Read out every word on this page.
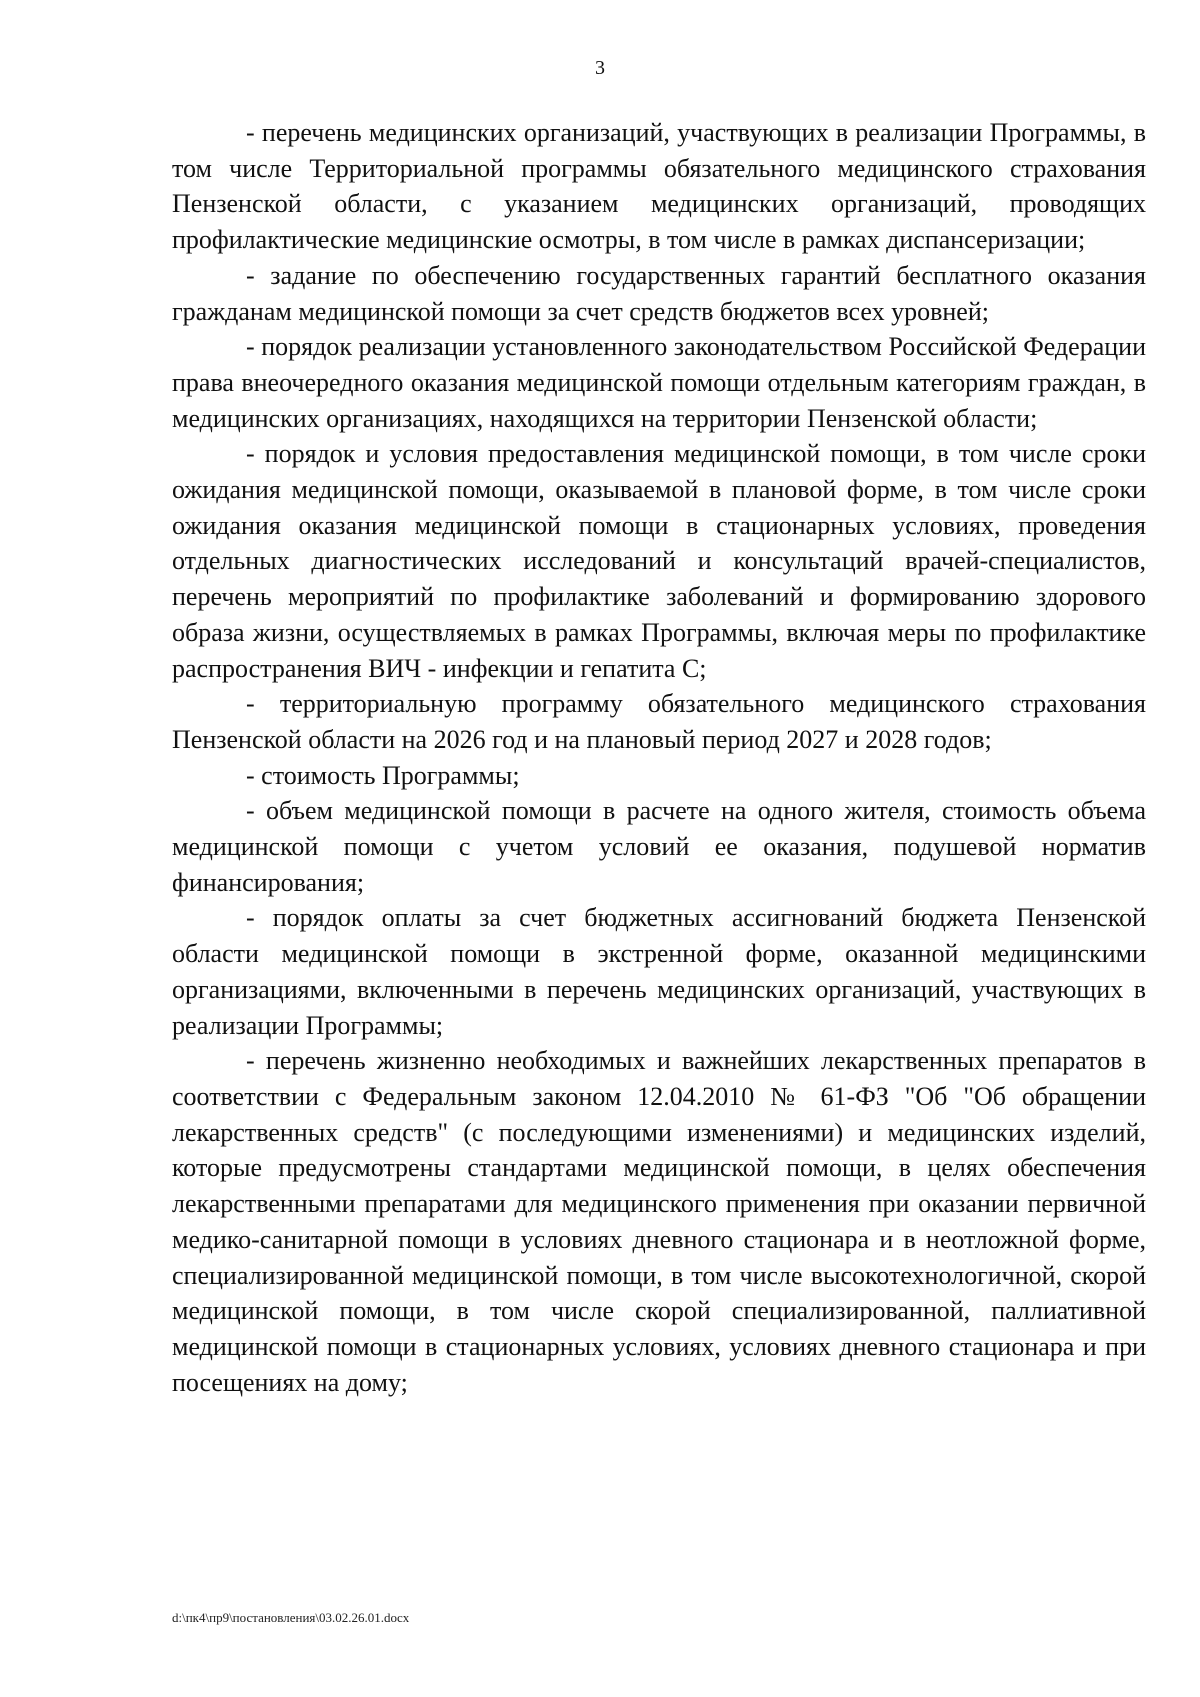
3

- перечень медицинских организаций, участвующих в реализации Программы, в том числе Территориальной программы обязательного медицинского страхования Пензенской области, с указанием медицинских организаций, проводящих профилактические медицинские осмотры, в том числе в рамках диспансеризации;

- задание по обеспечению государственных гарантий бесплатного оказания гражданам медицинской помощи за счет средств бюджетов всех уровней;

- порядок реализации установленного законодательством Российской Федерации права внеочередного оказания медицинской помощи отдельным категориям граждан, в медицинских организациях, находящихся на территории Пензенской области;

- порядок и условия предоставления медицинской помощи, в том числе сроки ожидания медицинской помощи, оказываемой в плановой форме, в том числе сроки ожидания оказания медицинской помощи в стационарных условиях, проведения отдельных диагностических исследований и консультаций врачей-специалистов, перечень мероприятий по профилактике заболеваний и формированию здорового образа жизни, осуществляемых в рамках Программы, включая меры по профилактике распространения ВИЧ - инфекции и гепатита С;

- территориальную программу обязательного медицинского страхования Пензенской области на 2026 год и на плановый период 2027 и 2028 годов;

- стоимость Программы;

- объем медицинской помощи в расчете на одного жителя, стоимость объема медицинской помощи с учетом условий ее оказания, подушевой норматив финансирования;

- порядок оплаты за счет бюджетных ассигнований бюджета Пензенской области медицинской помощи в экстренной форме, оказанной медицинскими организациями, включенными в перечень медицинских организаций, участвующих в реализации Программы;

- перечень жизненно необходимых и важнейших лекарственных препаратов в соответствии с Федеральным законом 12.04.2010 № 61-ФЗ "Об "Об обращении лекарственных средств" (с последующими изменениями) и медицинских изделий, которые предусмотрены стандартами медицинской помощи, в целях обеспечения лекарственными препаратами для медицинского применения при оказании первичной медико-санитарной помощи в условиях дневного стационара и в неотложной форме, специализированной медицинской помощи, в том числе высокотехнологичной, скорой медицинской помощи, в том числе скорой специализированной, паллиативной медицинской помощи в стационарных условиях, условиях дневного стационара и при посещениях на дому;

d:\пк4\пр9\постановления\03.02.26.01.docx
